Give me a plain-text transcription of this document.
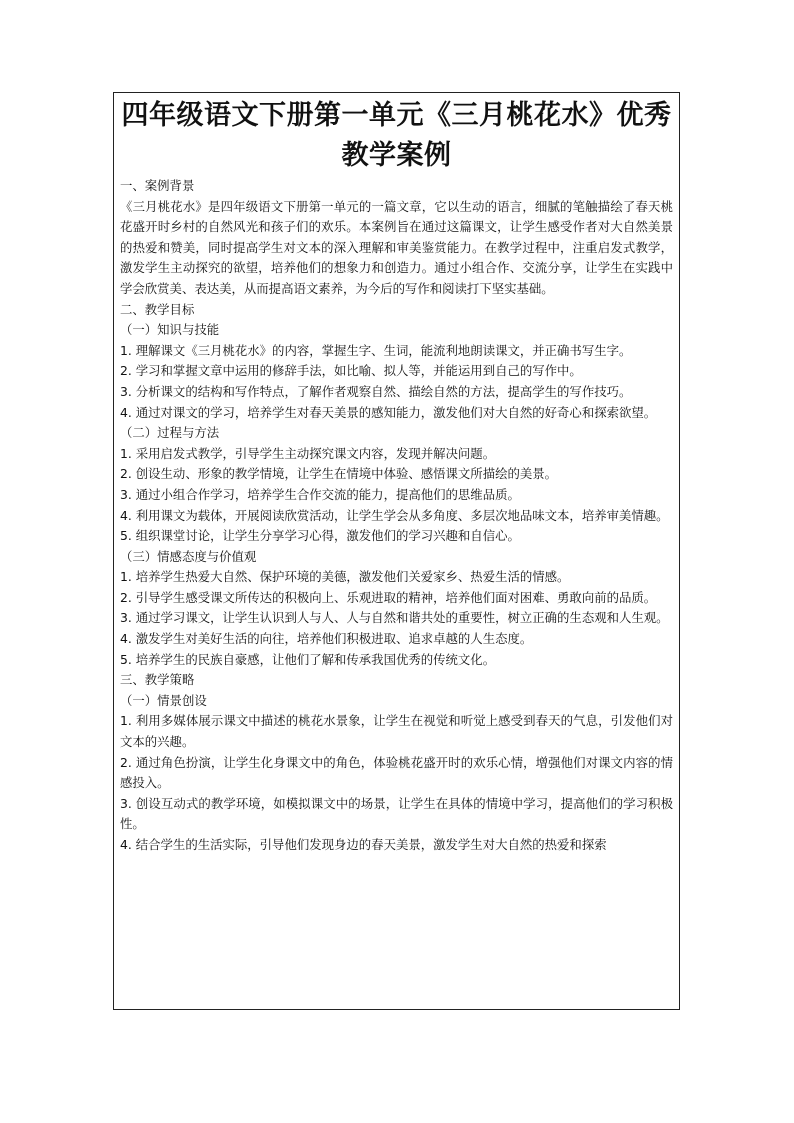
四年级语文下册第一单元《三月桃花水》优秀教学案例

一、案例背景

《三月桃花水》是四年级语文下册第一单元的一篇文章，它以生动的语言，细腻的笔触描绘了春天桃花盛开时乡村的自然风光和孩子们的欢乐。本案例旨在通过这篇课文，让学生感受作者对大自然美景的热爱和赞美，同时提高学生对文本的深入理解和审美鉴赏能力。在教学过程中，注重启发式教学，激发学生主动探究的欲望，培养他们的想象力和创造力。通过小组合作、交流分享，让学生在实践中学会欣赏美、表达美，从而提高语文素养，为今后的写作和阅读打下坚实基础。

二、教学目标

（一）知识与技能

1. 理解课文《三月桃花水》的内容，掌握生字、生词，能流利地朗读课文，并正确书写生字。

2. 学习和掌握文章中运用的修辞手法，如比喻、拟人等，并能运用到自己的写作中。

3. 分析课文的结构和写作特点，了解作者观察自然、描绘自然的方法，提高学生的写作技巧。

4. 通过对课文的学习，培养学生对春天美景的感知能力，激发他们对大自然的好奇心和探索欲望。

（二）过程与方法

1. 采用启发式教学，引导学生主动探究课文内容，发现并解决问题。

2. 创设生动、形象的教学情境，让学生在情境中体验、感悟课文所描绘的美景。

3. 通过小组合作学习，培养学生合作交流的能力，提高他们的思维品质。

4. 利用课文为载体，开展阅读欣赏活动，让学生学会从多角度、多层次地品味文本，培养审美情趣。

5. 组织课堂讨论，让学生分享学习心得，激发他们的学习兴趣和自信心。

（三）情感态度与价值观

1. 培养学生热爱大自然、保护环境的美德，激发他们关爱家乡、热爱生活的情感。

2. 引导学生感受课文所传达的积极向上、乐观进取的精神，培养他们面对困难、勇敢向前的品质。

3. 通过学习课文，让学生认识到人与人、人与自然和谐共处的重要性，树立正确的生态观和人生观。

4. 激发学生对美好生活的向往，培养他们积极进取、追求卓越的人生态度。

5. 培养学生的民族自豪感，让他们了解和传承我国优秀的传统文化。

三、教学策略

（一）情景创设

1. 利用多媒体展示课文中描述的桃花水景象，让学生在视觉和听觉上感受到春天的气息，引发他们对文本的兴趣。

2. 通过角色扮演，让学生化身课文中的角色，体验桃花盛开时的欢乐心情，增强他们对课文内容的情感投入。

3. 创设互动式的教学环境，如模拟课文中的场景，让学生在具体的情境中学习，提高他们的学习积极性。

4. 结合学生的生活实际，引导他们发现身边的春天美景，激发学生对大自然的热爱和探索
